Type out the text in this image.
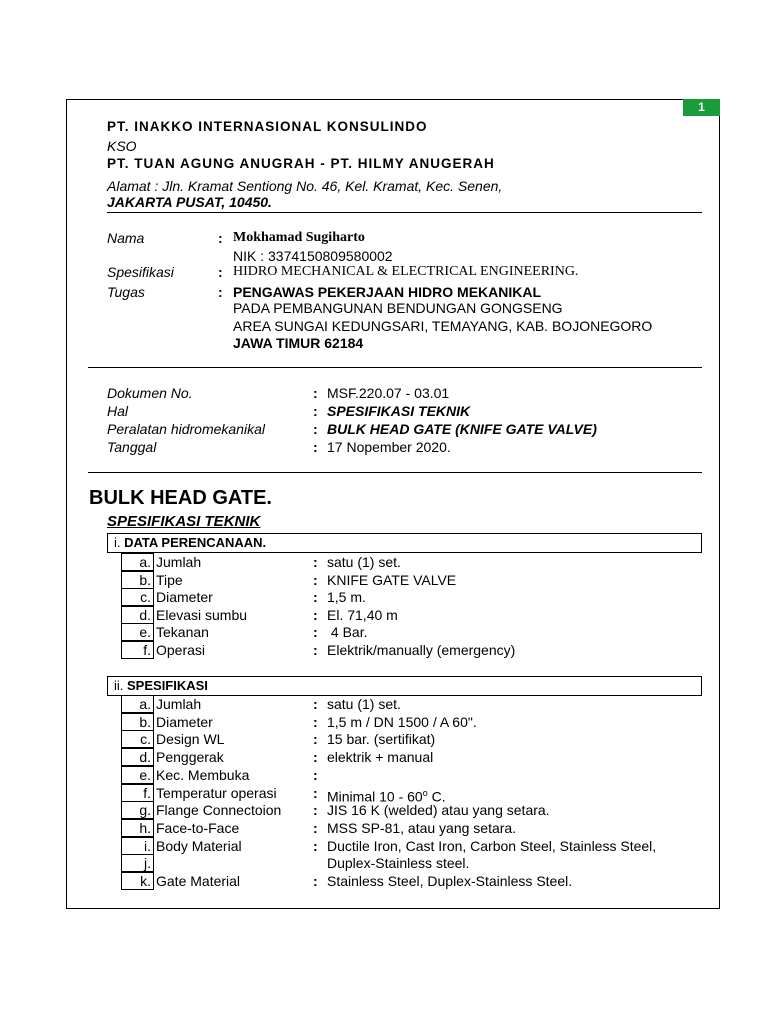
1
PT. INAKKO INTERNASIONAL KONSULINDO
KSO
PT. TUAN AGUNG ANUGRAH - PT. HILMY ANUGERAH
Alamat : Jln. Kramat Sentiong No. 46, Kel. Kramat, Kec. Senen,
JAKARTA PUSAT, 10450.
Nama	: Mokhamad Sugiharto
NIK : 3374150809580002
Spesifikasi	: HIDRO MECHANICAL & ELECTRICAL ENGINEERING.
Tugas	: PENGAWAS PEKERJAAN HIDRO MEKANIKAL
PADA PEMBANGUNAN BENDUNGAN GONGSENG
AREA SUNGAI KEDUNGSARI, TEMAYANG, KAB. BOJONEGORO
JAWA TIMUR 62184
Dokumen No.	: MSF.220.07 - 03.01
Hal	: SPESIFIKASI TEKNIK
Peralatan hidromekanikal	: BULK HEAD GATE (KNIFE GATE VALVE)
Tanggal	: 17 Nopember 2020.
BULK HEAD GATE.
SPESIFIKASI TEKNIK
i. DATA PERENCANAAN.
a. Jumlah	: satu (1) set.
b. Tipe	: KNIFE GATE VALVE
c. Diameter	: 1,5 m.
d. Elevasi sumbu	: El. 71,40 m
e. Tekanan	: 4 Bar.
f. Operasi	: Elektrik/manually (emergency)
ii. SPESIFIKASI
a. Jumlah	: satu (1) set.
b. Diameter	: 1,5 m / DN 1500 / A 60".
c. Design WL	: 15 bar. (sertifikat)
d. Penggerak	: elektrik + manual
e. Kec. Membuka	:
f. Temperatur operasi	: Minimal 10 - 60$^o$ C.
g. Flange Connectoion : JIS 16 K (welded) atau yang setara.
h. Face-to-Face	: MSS SP-81, atau yang setara.
i. Body Material	: Ductile Iron, Cast Iron, Carbon Steel, Stainless Steel,
j.	Duplex-Stainless steel.
k. Gate Material	: Stainless Steel, Duplex-Stainless Steel.
